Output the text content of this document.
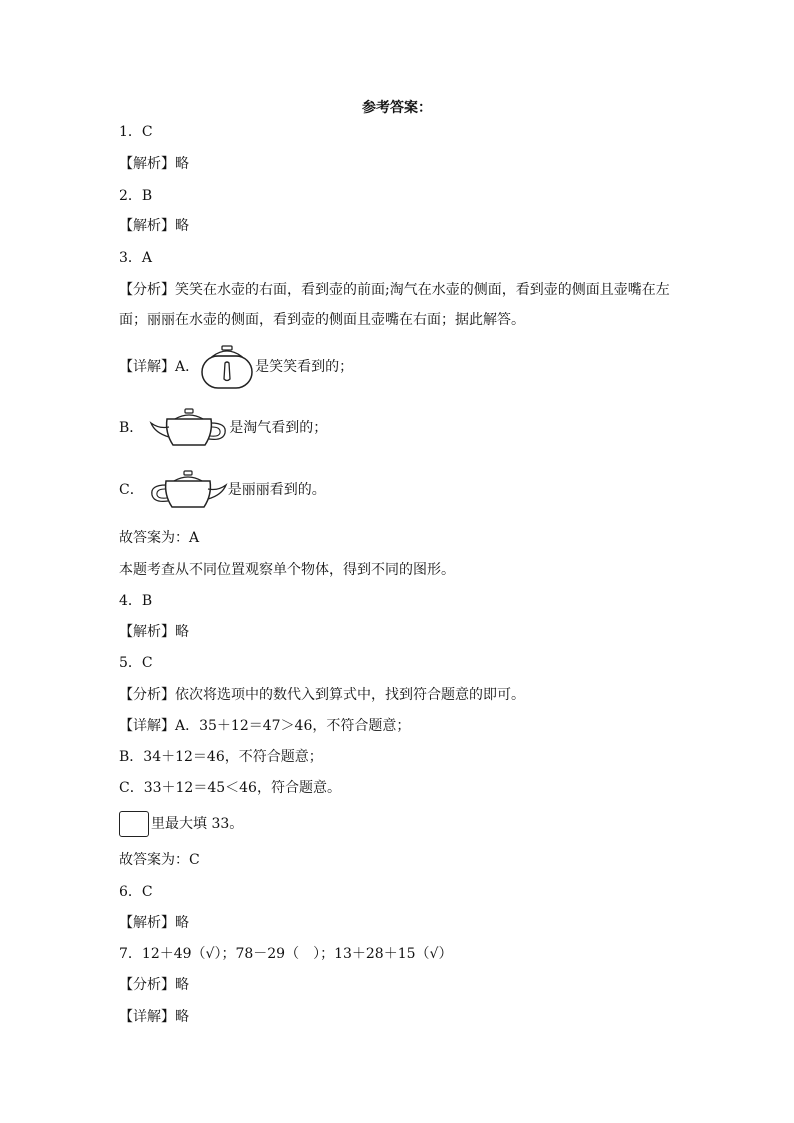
参考答案：
1．C
【解析】略
2．B
【解析】略
3．A
【分析】笑笑在水壶的右面，看到壶的前面;淘气在水壶的侧面，看到壶的侧面且壶嘴在左
面；丽丽在水壶的侧面，看到壶的侧面且壶嘴在右面；据此解答。
【详解】A．	是笑笑看到的；
B．	是淘气看到的；
C．	是丽丽看到的。
故答案为：A
本题考查从不同位置观察单个物体，得到不同的图形。
4．B
【解析】略
5．C
【分析】依次将选项中的数代入到算式中，找到符合题意的即可。
【详解】A．35＋12＝47＞46，不符合题意；
B．34＋12＝46，不符合题意；
C．33＋12＝45＜46，符合题意。
里最大填 33。
故答案为：C
6．C
【解析】略
7．12＋49（√）；78－29（　）；13＋28＋15（√）
【分析】略
【详解】略
